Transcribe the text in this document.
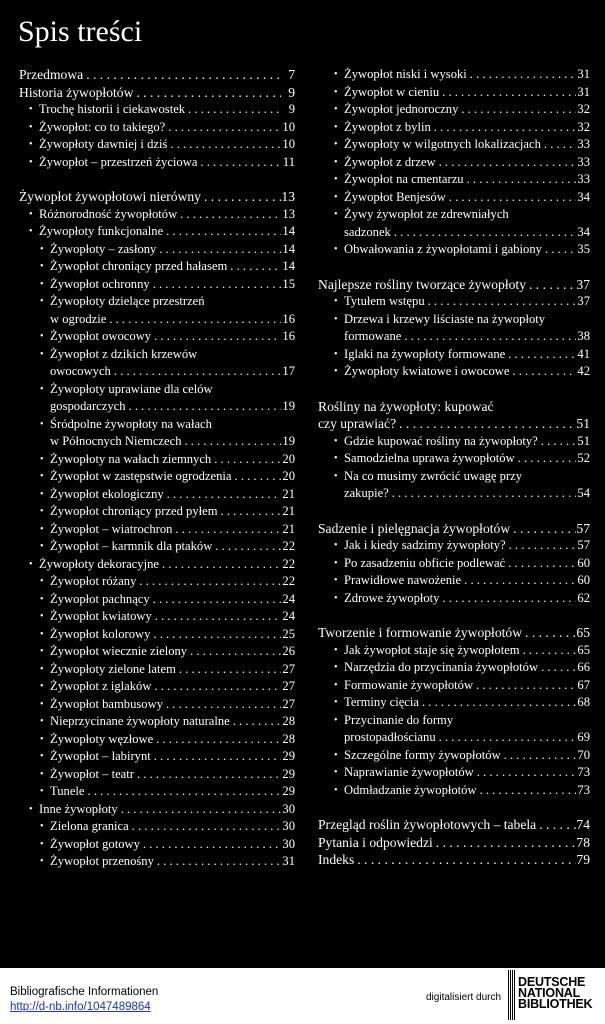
Spis treści
Przedmowa . . .	7
Historia żywopłotów . . .	9
• Trochę historii i ciekawostek . . .	9
• Żywopłot: co to takiego? . . .	10
• Żywopłoty dawniej i dziś . . .	10
• Żywopłot – przestrzeń życiowa . . .	11
Żywopłot żywopłotowi nierówny . . .	13
• Różnorodność żywopłotów . . .	13
• Żywopłoty funkcjonalne . . .	14
• Żywopłoty – zasłony . . .	14
• Żywopłot chroniący przed hałasem . . .	14
• Żywopłot ochronny . . .	15
• Żywopłoty dzielące przestrzeń
w ogrodzie . . .	16
• Żywopłot owocowy . . .	16
• Żywopłot z dzikich krzewów
owocowych . . .	17
• Żywopłoty uprawiane dla celów
gospodarczych . . .	19
• Śródpolne żywopłoty na wałach
w Północnych Niemczech . . .	19
• Żywopłoty na wałach ziemnych . . .	20
• Żywopłot w zastępstwie ogrodzenia . . .	20
• Żywopłot ekologiczny . . .	21
• Żywopłot chroniący przed pyłem . . .	21
• Żywopłot – wiatrochron . . .	21
• Żywopłot – karmnik dla ptaków . . .	22
• Żywopłoty dekoracyjne . . .	22
• Żywopłot różany . . .	22
• Żywopłot pachnący . . .	24
• Żywopłot kwiatowy . . .	24
• Żywopłot kolorowy . . .	25
• Żywopłot wiecznie zielony . . .	26
• Żywopłoty zielone latem . . .	27
• Żywopłot z iglaków . . .	27
• Żywopłot bambusowy . . .	27
• Nieprzycinane żywopłoty naturalne . . .	28
• Żywopłoty węzłowe . . .	28
• Żywopłot – labirynt . . .	29
• Żywopłot – teatr . . .	29
• Tunele . . .	29
• Inne żywopłoty . . .	30
• Zielona granica . . .	30
• Żywopłot gotowy . . .	30
• Żywopłot przenośny . . .	31
• Żywopłot niski i wysoki . . .	31
• Żywopłot w cieniu . . .	31
• Żywopłot jednoroczny . . .	32
• Żywopłot z bylin . . .	32
• Żywopłoty w wilgotnych lokalizacjach . . .	33
• Żywopłot z drzew . . .	33
• Żywopłot na cmentarzu . . .	33
• Żywopłot Benjesów . . .	34
• Żywy żywopłot ze zdrewniałych
sadzonek . . .	34
• Obwałowania z żywopłotami i gabiony . . .	35
Najlepsze rośliny tworzące żywopłoty . . .	37
• Tytułem wstępu . . .	37
• Drzewa i krzewy liściaste na żywopłoty
formowane . . .	38
• Iglaki na żywopłoty formowane . . .	41
• Żywopłoty kwiatowe i owocowe . . .	42
Rośliny na żywopłoty: kupować
czy uprawiać? . . .	51
• Gdzie kupować rośliny na żywopłoty? . . .	51
• Samodzielna uprawa żywopłotów . . .	52
• Na co musimy zwrócić uwagę przy
zakupie? . . .	54
Sadzenie i pielęgnacja żywopłotów . . .	57
• Jak i kiedy sadzimy żywopłoty? . . .	57
• Po zasadzeniu obficie podlewać . . .	60
• Prawidłowe nawożenie . . .	60
• Zdrowe żywopłoty . . .	62
Tworzenie i formowanie żywopłotów . . .	65
• Jak żywopłot staje się żywopłotem . . .	65
• Narzędzia do przycinania żywopłotów . . .	66
• Formowanie żywopłotów . . .	67
• Terminy cięcia . . .	68
• Przycinanie do formy
prostopadłościanu . . .	69
• Szczególne formy żywopłotów . . .	70
• Naprawianie żywopłotów . . .	73
• Odmładzanie żywopłotów . . .	73
Przegląd roślin żywopłotowych – tabela . . .	74
Pytania i odpowiedzi . . .	78
Indeks . . .	79
Bibliografische Informationen
http://d-nb.info/1047489864
digitalisiert durch
DEUTSCHE
NATIONAL
BIBLIOTHEK
